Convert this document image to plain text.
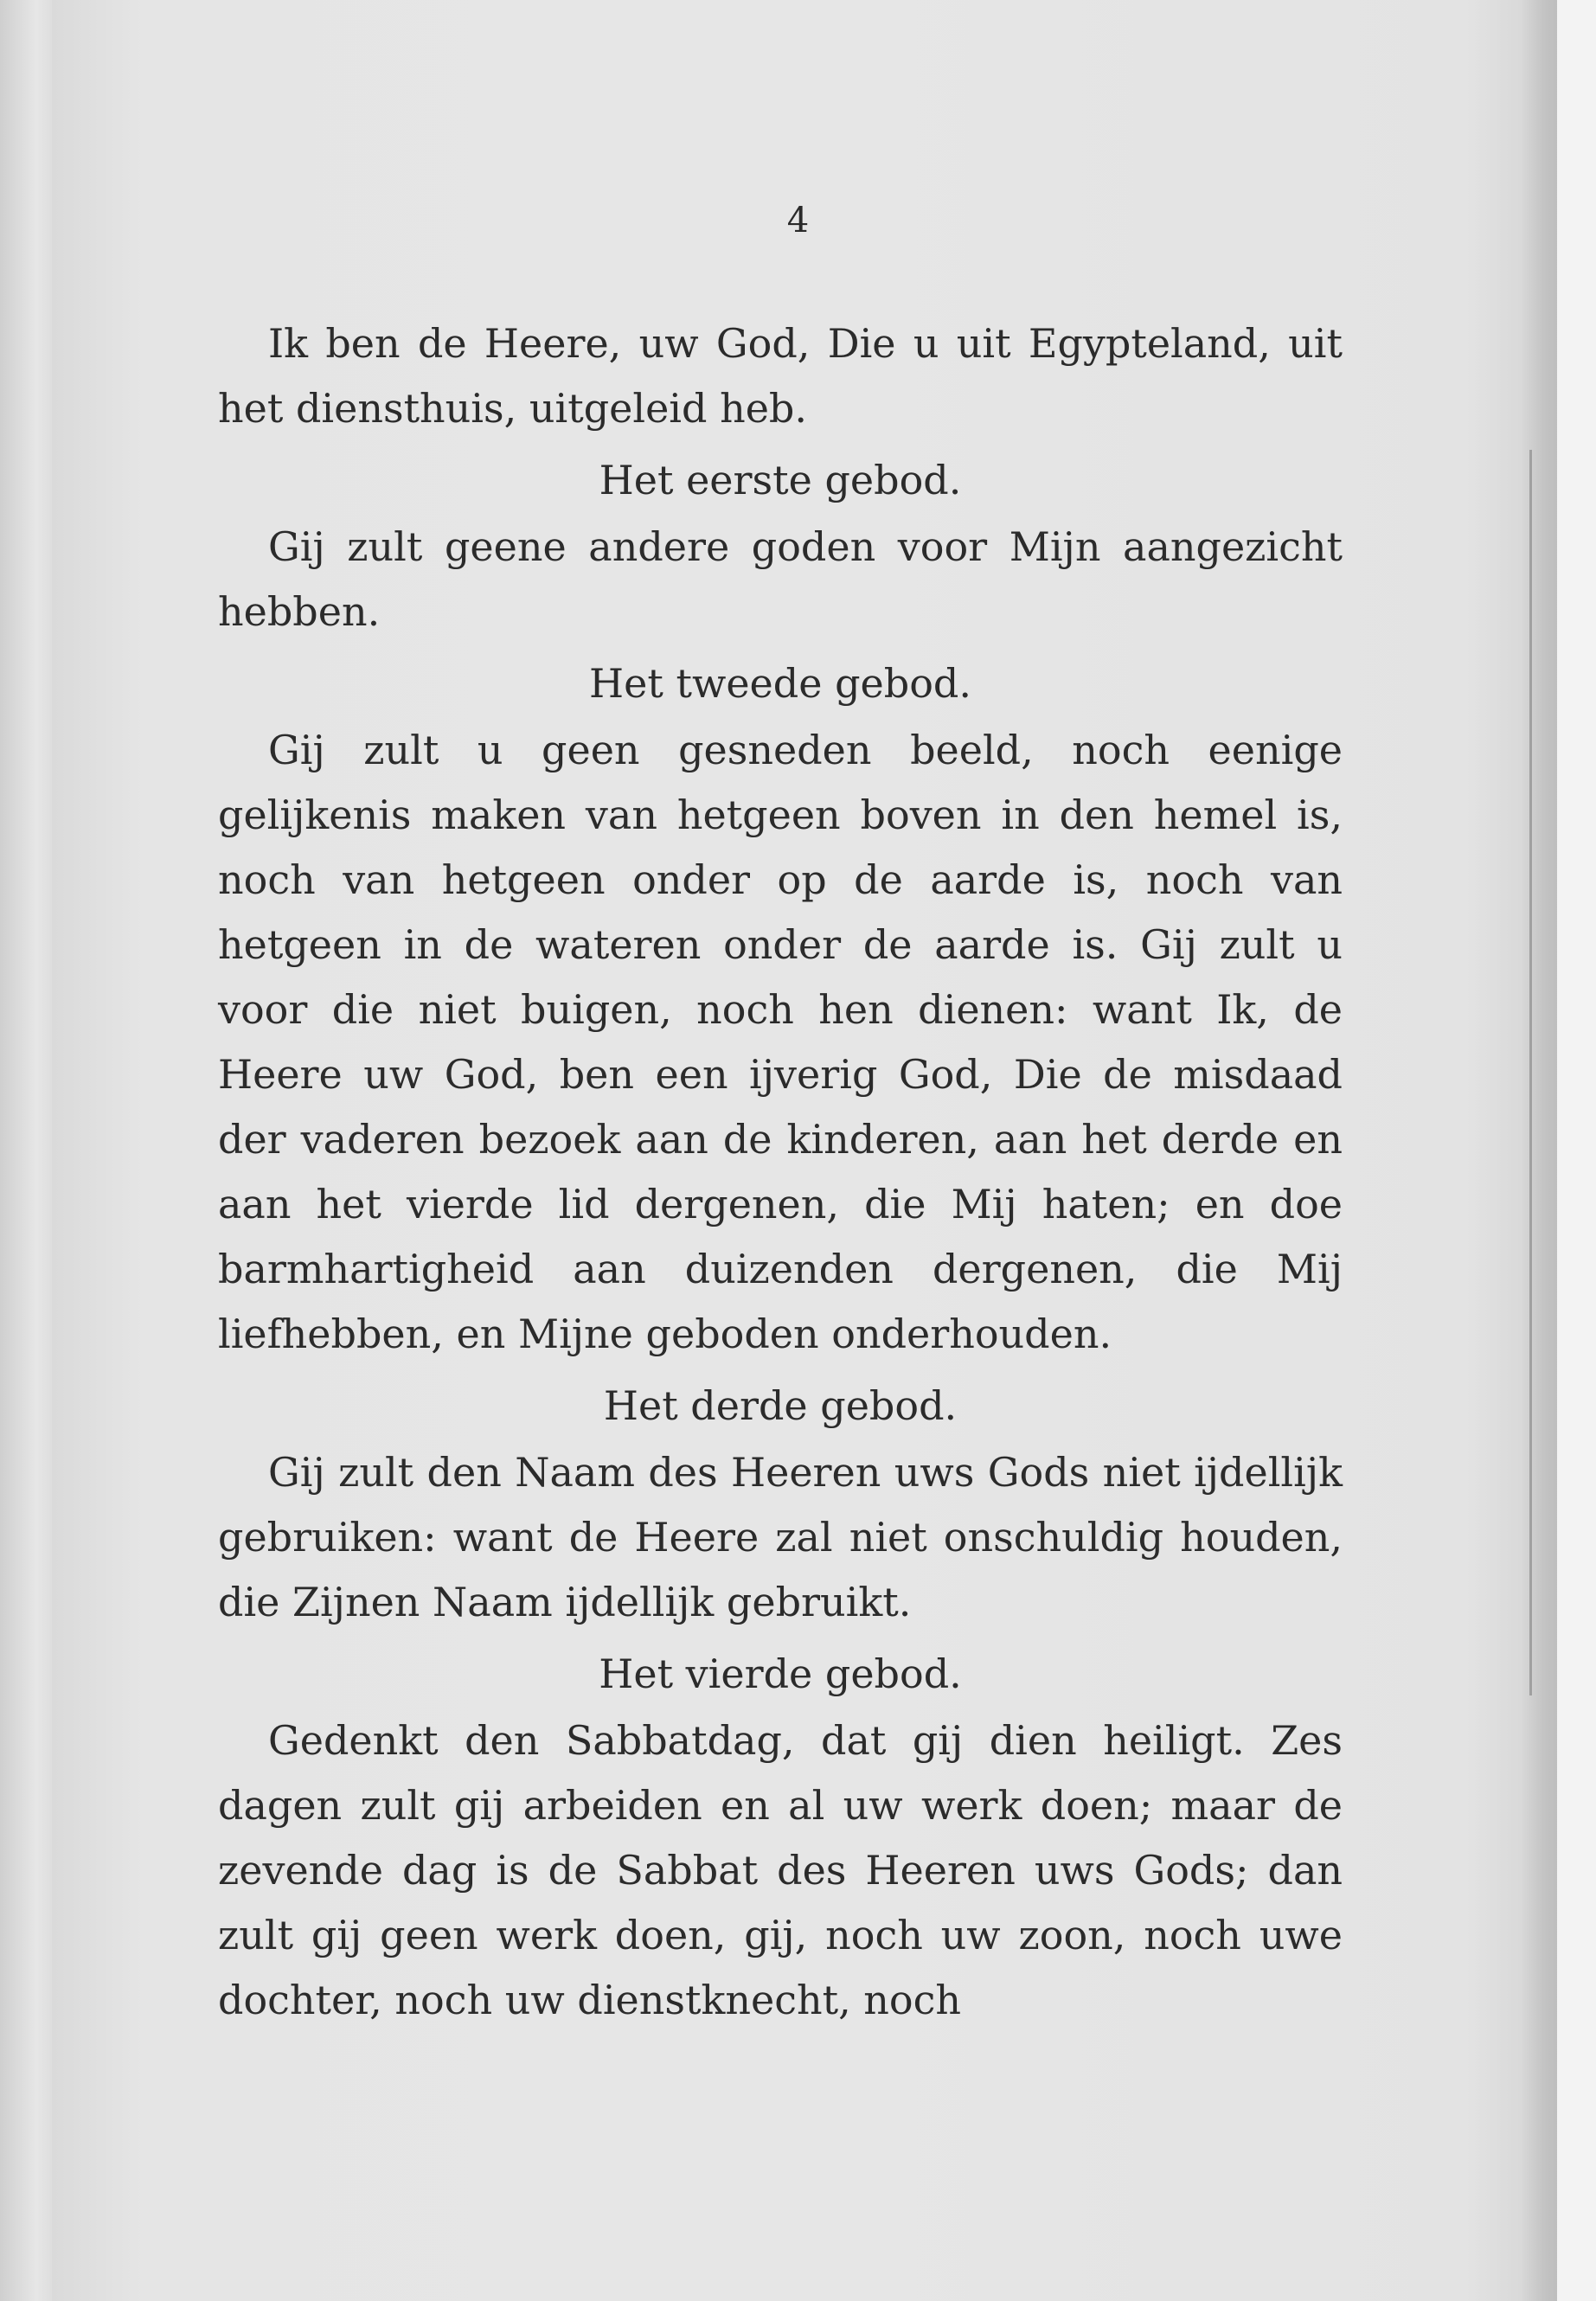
4

Ik ben de Heere, uw God, Die u uit Egypteland, uit het diensthuis, uitgeleid heb.

Het eerste gebod.

Gij zult geene andere goden voor Mijn aangezicht hebben.

Het tweede gebod.

Gij zult u geen gesneden beeld, noch eenige gelijkenis maken van hetgeen boven in den hemel is, noch van hetgeen onder op de aarde is, noch van hetgeen in de wateren onder de aarde is. Gij zult u voor die niet buigen, noch hen dienen: want Ik, de Heere uw God, ben een ijverig God, Die de misdaad der vaderen bezoek aan de kinderen, aan het derde en aan het vierde lid dergenen, die Mij haten; en doe barmhartigheid aan duizenden dergenen, die Mij liefhebben, en Mijne geboden onderhouden.

Het derde gebod.

Gij zult den Naam des Heeren uws Gods niet ijdellijk gebruiken: want de Heere zal niet onschuldig houden, die Zijnen Naam ijdellijk gebruikt.

Het vierde gebod.

Gedenkt den Sabbatdag, dat gij dien heiligt. Zes dagen zult gij arbeiden en al uw werk doen; maar de zevende dag is de Sabbat des Heeren uws Gods; dan zult gij geen werk doen, gij, noch uw zoon, noch uwe dochter, noch uw dienstknecht, noch
